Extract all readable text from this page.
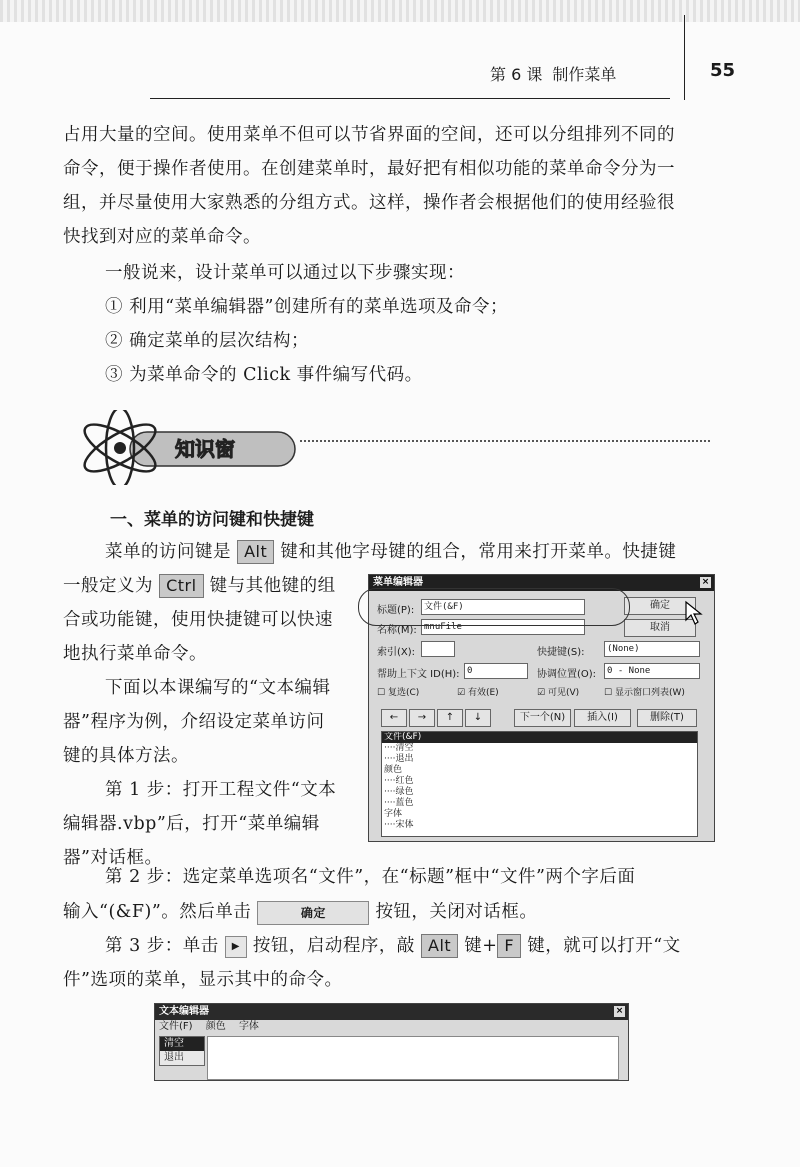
第 6 课 制作菜单	55
占用大量的空间。使用菜单不但可以节省界面的空间，还可以分组排列不同的
命令，便于操作者使用。在创建菜单时，最好把有相似功能的菜单命令分为一
组，并尽量使用大家熟悉的分组方式。这样，操作者会根据他们的使用经验很
快找到对应的菜单命令。
一般说来，设计菜单可以通过以下步骤实现：
① 利用“菜单编辑器”创建所有的菜单选项及命令；
② 确定菜单的层次结构；
③ 为菜单命令的 Click 事件编写代码。
知识窗
一、菜单的访问键和快捷键
菜单的访问键是 Alt 键和其他字母键的组合，常用来打开菜单。快捷键
一般定义为 Ctrl 键与其他键的组
合或功能键，使用快捷键可以快速
地执行菜单命令。
下面以本课编写的“文本编辑
器”程序为例，介绍设定菜单访问
键的具体方法。
第 1 步：打开工程文件“文本
编辑器.vbp”后，打开“菜单编辑
器”对话框。
第 2 步：选定菜单选项名“文件”，在“标题”框中“文件”两个字后面
输入“(&F)”。然后单击	确定	按钮，关闭对话框。
第 3 步：单击 ▶ 按钮，启动程序，敲 Alt 键+ F 键，就可以打开“文
件”选项的菜单，显示其中的命令。
菜单编辑器	×
标题(P):	文件(&F)
名称(M): mnuFile
确定
取消
索引(X):	快捷键(S):	(None)
帮助上下文 ID(H): 0	协调位置(O):	0 - None
☐ 复选(C)	☑ 有效(E)	☑ 可见(V)	☐ 显示窗口列表(W)
←	→	↑	↓	下一个(N)	插入(I)	删除(T)
文件(&F)
····清空
····退出
颜色
····红色
····绿色
····蓝色
字体
····宋体
文本编辑器	×
文件(F) 颜色 字体
清空
退出
